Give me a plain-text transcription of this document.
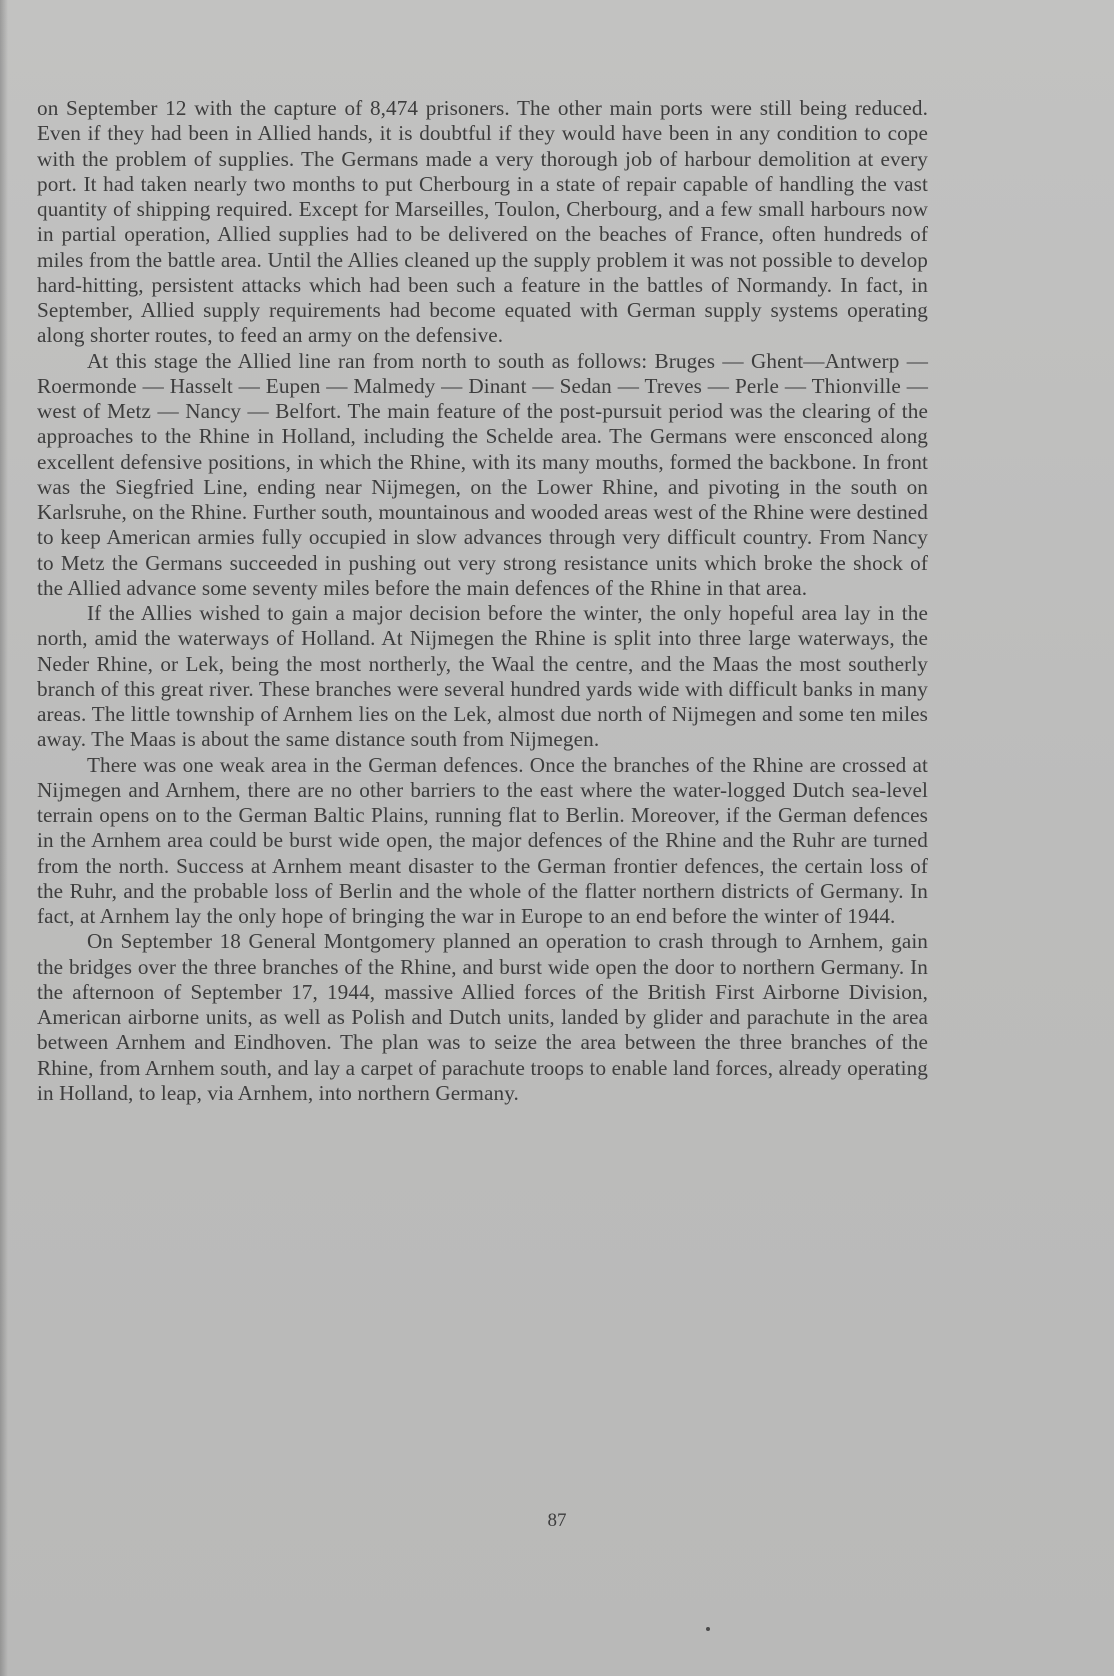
on September 12 with the capture of 8,474 prisoners. The other main ports were still being reduced. Even if they had been in Allied hands, it is doubtful if they would have been in any condition to cope with the problem of supplies. The Germans made a very thorough job of harbour demolition at every port. It had taken nearly two months to put Cherbourg in a state of repair capable of handling the vast quantity of shipping required. Except for Marseilles, Toulon, Cherbourg, and a few small harbours now in partial operation, Allied supplies had to be delivered on the beaches of France, often hundreds of miles from the battle area. Until the Allies cleaned up the supply problem it was not possible to develop hard-hitting, persistent attacks which had been such a feature in the battles of Normandy. In fact, in September, Allied supply requirements had become equated with German supply systems operating along shorter routes, to feed an army on the defensive.

At this stage the Allied line ran from north to south as follows: Bruges — Ghent—Antwerp — Roermonde — Hasselt — Eupen — Malmedy — Dinant — Sedan — Treves — Perle — Thionville — west of Metz — Nancy — Belfort. The main feature of the post-pursuit period was the clearing of the approaches to the Rhine in Holland, including the Schelde area. The Germans were ensconced along excellent defensive positions, in which the Rhine, with its many mouths, formed the backbone. In front was the Siegfried Line, ending near Nijmegen, on the Lower Rhine, and pivoting in the south on Karlsruhe, on the Rhine. Further south, mountainous and wooded areas west of the Rhine were destined to keep American armies fully occupied in slow advances through very difficult country. From Nancy to Metz the Germans succeeded in pushing out very strong resistance units which broke the shock of the Allied advance some seventy miles before the main defences of the Rhine in that area.

If the Allies wished to gain a major decision before the winter, the only hopeful area lay in the north, amid the waterways of Holland. At Nijmegen the Rhine is split into three large waterways, the Neder Rhine, or Lek, being the most northerly, the Waal the centre, and the Maas the most southerly branch of this great river. These branches were several hundred yards wide with difficult banks in many areas. The little township of Arnhem lies on the Lek, almost due north of Nijmegen and some ten miles away. The Maas is about the same distance south from Nijmegen.

There was one weak area in the German defences. Once the branches of the Rhine are crossed at Nijmegen and Arnhem, there are no other barriers to the east where the water-logged Dutch sea-level terrain opens on to the German Baltic Plains, running flat to Berlin. Moreover, if the German defences in the Arnhem area could be burst wide open, the major defences of the Rhine and the Ruhr are turned from the north. Success at Arnhem meant disaster to the German frontier defences, the certain loss of the Ruhr, and the probable loss of Berlin and the whole of the flatter northern districts of Germany. In fact, at Arnhem lay the only hope of bringing the war in Europe to an end before the winter of 1944.

On September 18 General Montgomery planned an operation to crash through to Arnhem, gain the bridges over the three branches of the Rhine, and burst wide open the door to northern Germany. In the afternoon of September 17, 1944, massive Allied forces of the British First Airborne Division, American airborne units, as well as Polish and Dutch units, landed by glider and parachute in the area between Arnhem and Eindhoven. The plan was to seize the area between the three branches of the Rhine, from Arnhem south, and lay a carpet of parachute troops to enable land forces, already operating in Holland, to leap, via Arnhem, into northern Germany.

87
